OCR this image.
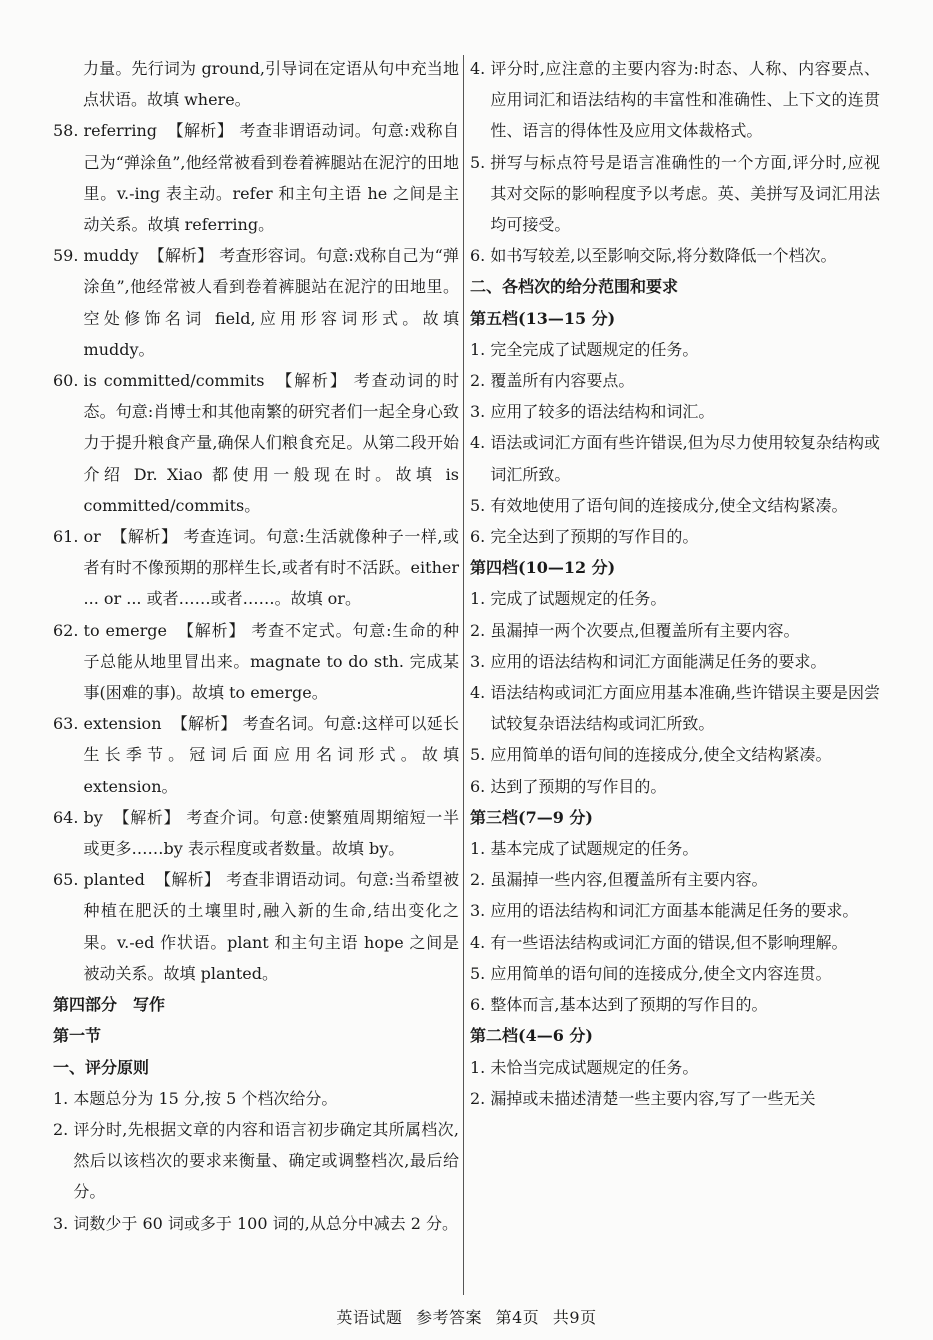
力量。先行词为 ground,引导词在定语从句中充当地点状语。故填 where。

58. referring 【解析】 考查非谓语动词。句意:戏称自己为“弹涂鱼”,他经常被看到卷着裤腿站在泥泞的田地里。v.-ing 表主动。refer 和主句主语 he 之间是主动关系。故填 referring。
59. muddy 【解析】 考查形容词。句意:戏称自己为“弹涂鱼”,他经常被人看到卷着裤腿站在泥泞的田地里。空处修饰名词 field,应用形容词形式。故填 muddy。
60. is committed/commits 【解析】 考查动词的时态。句意:肖博士和其他南繁的研究者们一起全身心致力于提升粮食产量,确保人们粮食充足。从第二段开始介绍 Dr. Xiao 都使用一般现在时。故填 is committed/commits。
61. or 【解析】 考查连词。句意:生活就像种子一样,或者有时不像预期的那样生长,或者有时不活跃。either ... or ... 或者……或者……。故填 or。
62. to emerge 【解析】 考查不定式。句意:生命的种子总能从地里冒出来。magnate to do sth. 完成某事(困难的事)。故填 to emerge。
63. extension 【解析】 考查名词。句意:这样可以延长生长季节。冠词后面应用名词形式。故填 extension。
64. by 【解析】 考查介词。句意:使繁殖周期缩短一半或更多……by 表示程度或者数量。故填 by。
65. planted 【解析】 考查非谓语动词。句意:当希望被种植在肥沃的土壤里时,融入新的生命,结出变化之果。v.-ed 作状语。plant 和主句主语 hope 之间是被动关系。故填 planted。

第四部分　写作

第一节

一、评分原则

1. 本题总分为 15 分,按 5 个档次给分。
2. 评分时,先根据文章的内容和语言初步确定其所属档次,然后以该档次的要求来衡量、确定或调整档次,最后给分。
3. 词数少于 60 词或多于 100 词的,从总分中减去 2 分。
4. 评分时,应注意的主要内容为:时态、人称、内容要点、应用词汇和语法结构的丰富性和准确性、上下文的连贯性、语言的得体性及应用文体裁格式。
5. 拼写与标点符号是语言准确性的一个方面,评分时,应视其对交际的影响程度予以考虑。英、美拼写及词汇用法均可接受。
6. 如书写较差,以至影响交际,将分数降低一个档次。

二、各档次的给分范围和要求

第五档(13—15 分)

1. 完全完成了试题规定的任务。
2. 覆盖所有内容要点。
3. 应用了较多的语法结构和词汇。
4. 语法或词汇方面有些许错误,但为尽力使用较复杂结构或词汇所致。
5. 有效地使用了语句间的连接成分,使全文结构紧凑。
6. 完全达到了预期的写作目的。

第四档(10—12 分)

1. 完成了试题规定的任务。
2. 虽漏掉一两个次要点,但覆盖所有主要内容。
3. 应用的语法结构和词汇方面能满足任务的要求。
4. 语法结构或词汇方面应用基本准确,些许错误主要是因尝试较复杂语法结构或词汇所致。
5. 应用简单的语句间的连接成分,使全文结构紧凑。
6. 达到了预期的写作目的。

第三档(7—9 分)

1. 基本完成了试题规定的任务。
2. 虽漏掉一些内容,但覆盖所有主要内容。
3. 应用的语法结构和词汇方面基本能满足任务的要求。
4. 有一些语法结构或词汇方面的错误,但不影响理解。
5. 应用简单的语句间的连接成分,使全文内容连贯。
6. 整体而言,基本达到了预期的写作目的。

第二档(4—6 分)

1. 未恰当完成试题规定的任务。
2. 漏掉或未描述清楚一些主要内容,写了一些无关
英语试题 参考答案 第4页 共9页
